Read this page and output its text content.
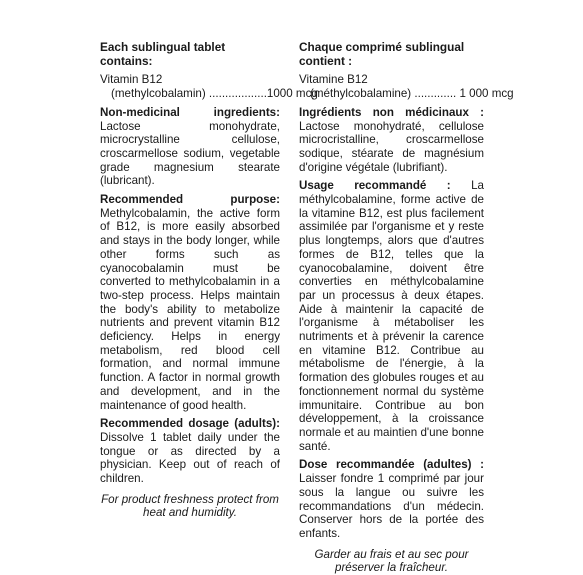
Each sublingual tablet contains:

Vitamin B12

(methylcobalamin) ..................1000 mcg

Non-medicinal ingredients: Lactose monohydrate, microcrystalline cellulose, croscarmellose sodium, vegetable grade magnesium stearate (lubricant).

Recommended purpose: Methylcobalamin, the active form of B12, is more easily absorbed and stays in the body longer, while other forms such as cyanocobalamin must be converted to methylcobalamin in a two-step process. Helps maintain the body's ability to metabolize nutrients and prevent vitamin B12 deficiency. Helps in energy metabolism, red blood cell formation, and normal immune function. A factor in normal growth and development, and in the maintenance of good health.

Recommended dosage (adults): Dissolve 1 tablet daily under the tongue or as directed by a physician. Keep out of reach of children.

For product freshness protect from heat and humidity.

Chaque comprimé sublingual contient :

Vitamine B12

(méthylcobalamine) ............. 1 000 mcg

Ingrédients non médicinaux : Lactose monohydraté, cellulose microcristalline, croscarmellose sodique, stéarate de magnésium d'origine végétale (lubrifiant).

Usage recommandé : La méthylcobalamine, forme active de la vitamine B12, est plus facilement assimilée par l'organisme et y reste plus longtemps, alors que d'autres formes de B12, telles que la cyanocobalamine, doivent être converties en méthylcobalamine par un processus à deux étapes. Aide à maintenir la capacité de l'organisme à métaboliser les nutriments et à prévenir la carence en vitamine B12. Contribue au métabolisme de l'énergie, à la formation des globules rouges et au fonctionnement normal du système immunitaire. Contribue au bon développement, à la croissance normale et au maintien d'une bonne santé.

Dose recommandée (adultes) : Laisser fondre 1 comprimé par jour sous la langue ou suivre les recommandations d'un médecin. Conserver hors de la portée des enfants.

Garder au frais et au sec pour préserver la fraîcheur.
